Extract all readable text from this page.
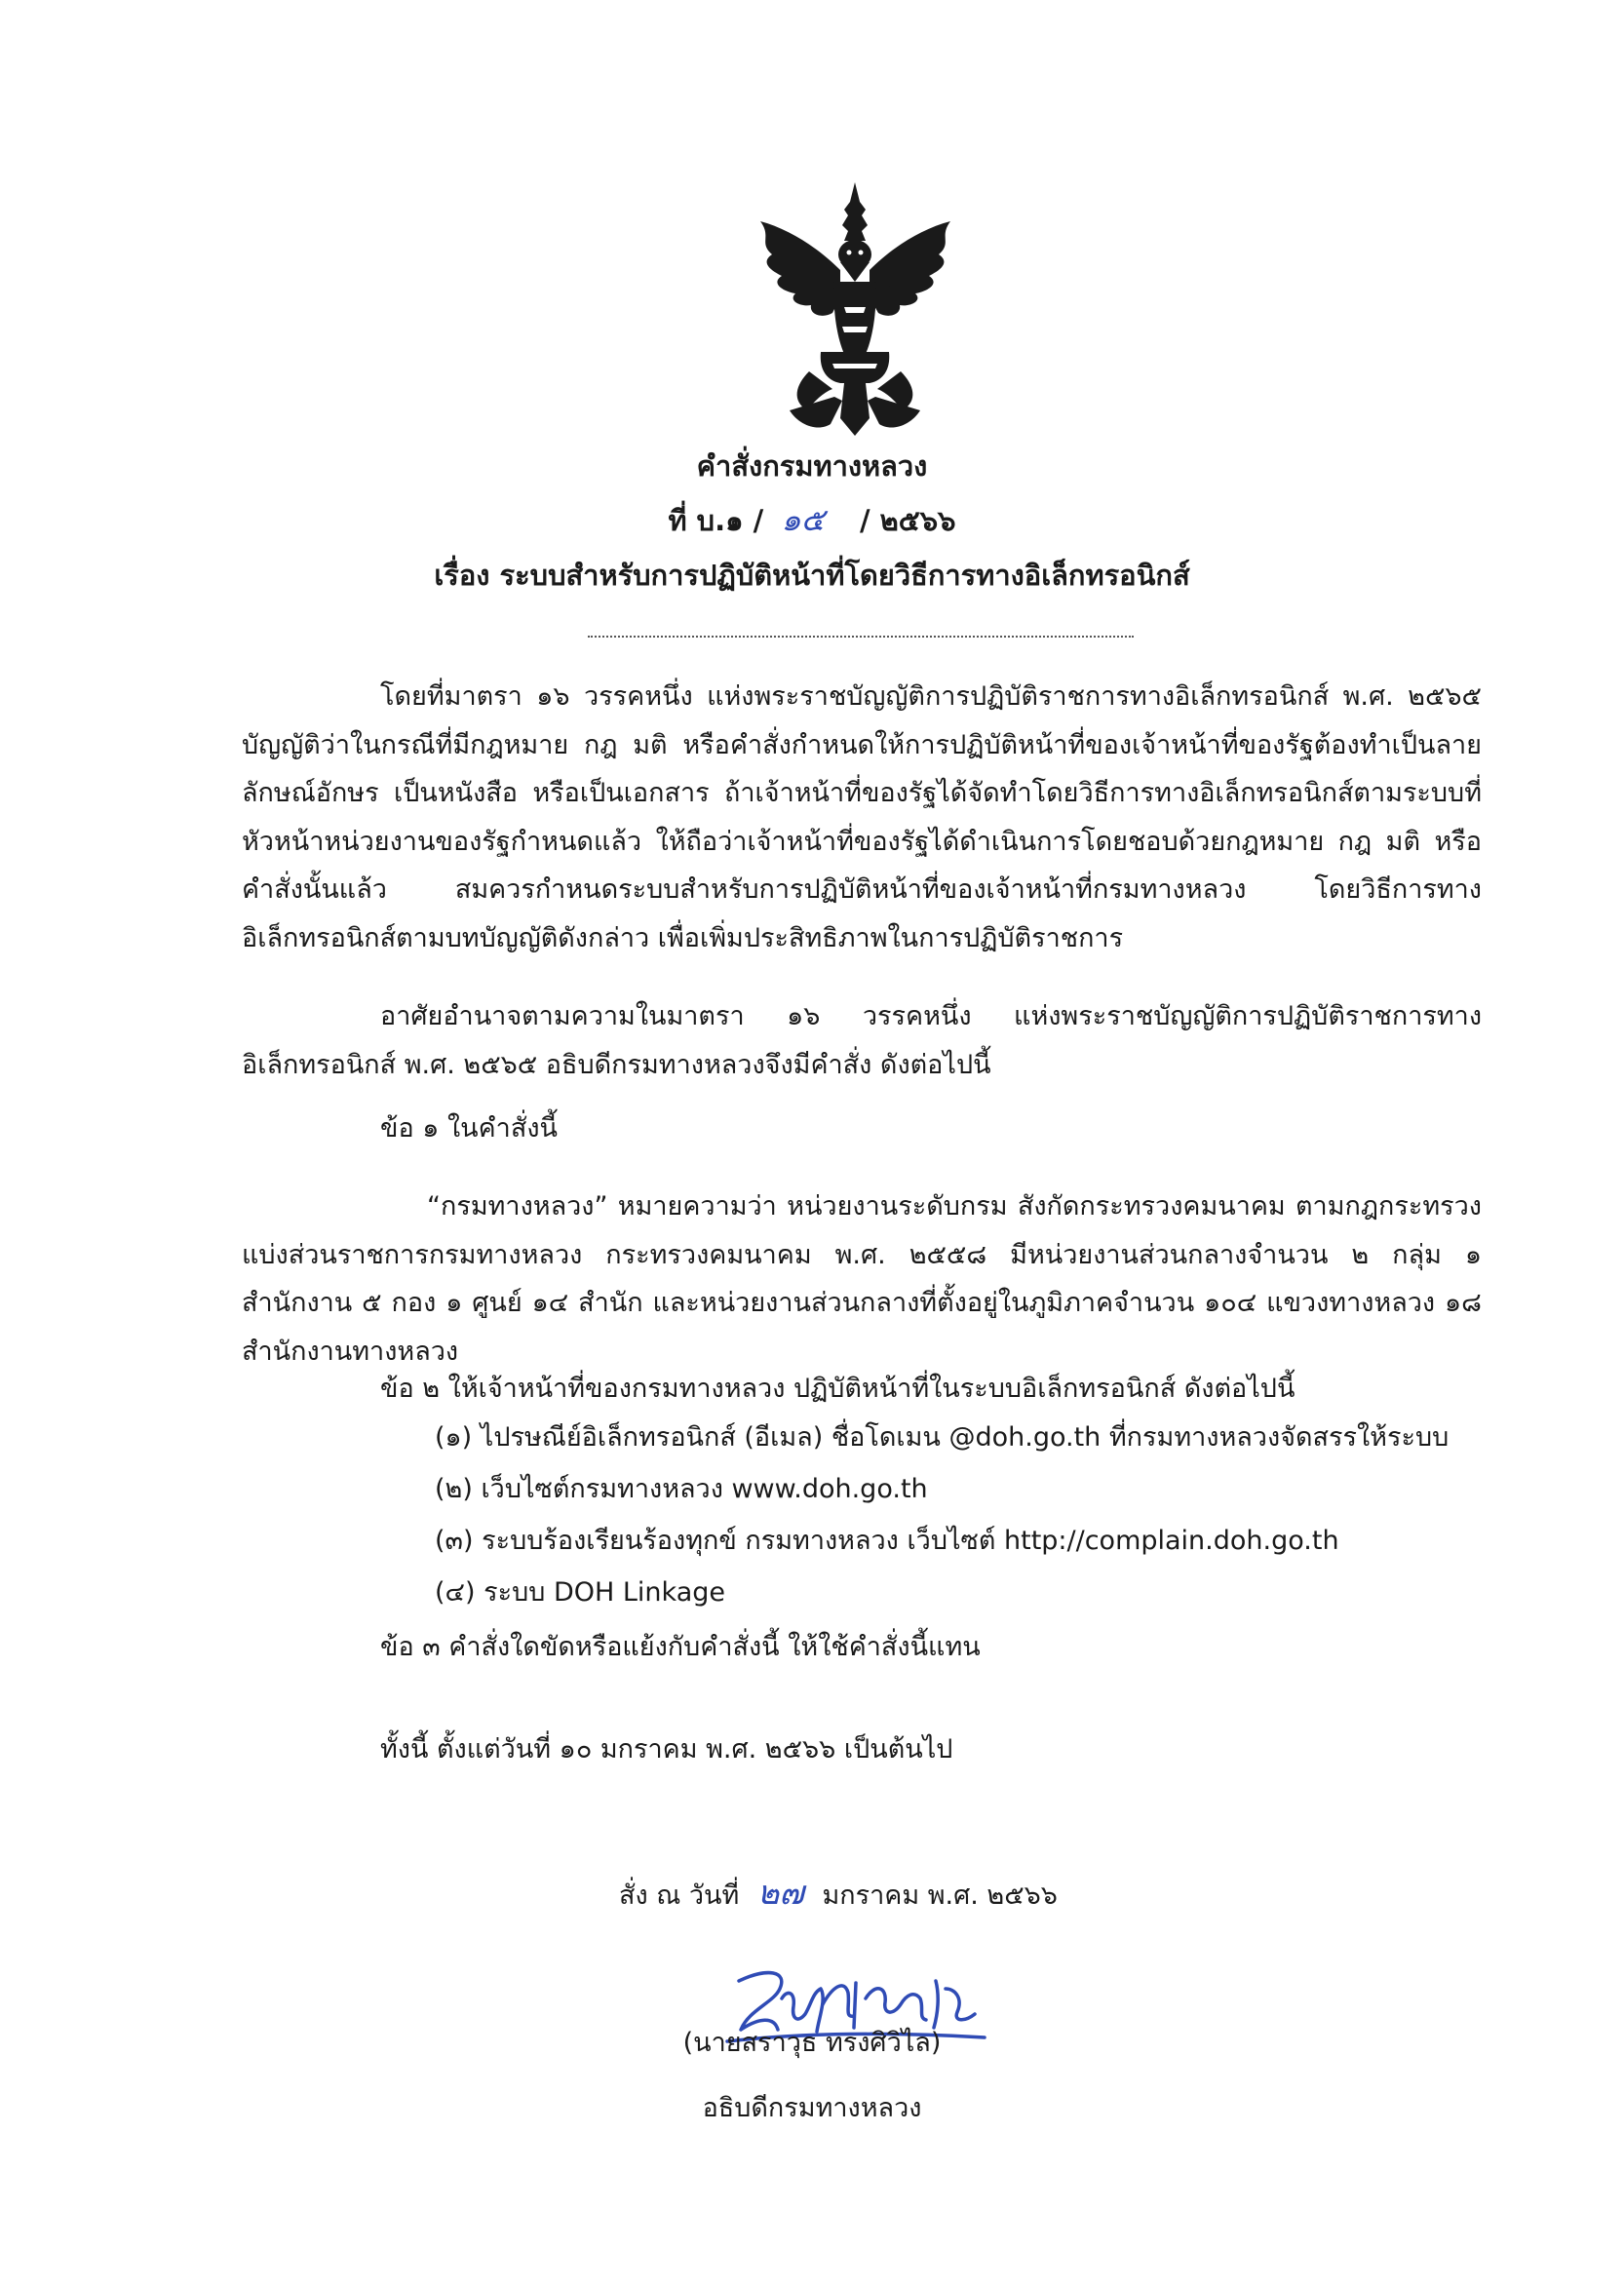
คำสั่งกรมทางหลวง
ที่ บ.๑ / ๑๕ / ๒๕๖๖
เรื่อง ระบบสำหรับการปฏิบัติหน้าที่โดยวิธีการทางอิเล็กทรอนิกส์
โดยที่มาตรา ๑๖ วรรคหนึ่ง แห่งพระราชบัญญัติการปฏิบัติราชการทางอิเล็กทรอนิกส์ พ.ศ. ๒๕๖๕ บัญญัติว่าในกรณีที่มีกฎหมาย กฎ มติ หรือคำสั่งกำหนดให้การปฏิบัติหน้าที่ของเจ้าหน้าที่ของรัฐต้องทำเป็นลายลักษณ์อักษร เป็นหนังสือ หรือเป็นเอกสาร ถ้าเจ้าหน้าที่ของรัฐได้จัดทำโดยวิธีการทางอิเล็กทรอนิกส์ตามระบบที่หัวหน้าหน่วยงานของรัฐกำหนดแล้ว ให้ถือว่าเจ้าหน้าที่ของรัฐได้ดำเนินการโดยชอบด้วยกฎหมาย กฎ มติ หรือคำสั่งนั้นแล้ว สมควรกำหนดระบบสำหรับการปฏิบัติหน้าที่ของเจ้าหน้าที่กรมทางหลวง โดยวิธีการทางอิเล็กทรอนิกส์ตามบทบัญญัติดังกล่าว เพื่อเพิ่มประสิทธิภาพในการปฏิบัติราชการ
อาศัยอำนาจตามความในมาตรา ๑๖ วรรคหนึ่ง แห่งพระราชบัญญัติการปฏิบัติราชการทางอิเล็กทรอนิกส์ พ.ศ. ๒๕๖๕ อธิบดีกรมทางหลวงจึงมีคำสั่ง ดังต่อไปนี้
ข้อ ๑ ในคำสั่งนี้
“กรมทางหลวง” หมายความว่า หน่วยงานระดับกรม สังกัดกระทรวงคมนาคม ตามกฎกระทรวงแบ่งส่วนราชการกรมทางหลวง กระทรวงคมนาคม พ.ศ. ๒๕๕๘ มีหน่วยงานส่วนกลางจำนวน ๒ กลุ่ม ๑ สำนักงาน ๕ กอง ๑ ศูนย์ ๑๔ สำนัก และหน่วยงานส่วนกลางที่ตั้งอยู่ในภูมิภาคจำนวน ๑๐๔ แขวงทางหลวง ๑๘ สำนักงานทางหลวง
ข้อ ๒ ให้เจ้าหน้าที่ของกรมทางหลวง ปฏิบัติหน้าที่ในระบบอิเล็กทรอนิกส์ ดังต่อไปนี้
(๑) ไปรษณีย์อิเล็กทรอนิกส์ (อีเมล) ชื่อโดเมน @doh.go.th ที่กรมทางหลวงจัดสรรให้ระบบ
(๒) เว็บไซต์กรมทางหลวง www.doh.go.th
(๓) ระบบร้องเรียนร้องทุกข์ กรมทางหลวง เว็บไซต์ http://complain.doh.go.th
(๔) ระบบ DOH Linkage
ข้อ ๓ คำสั่งใดขัดหรือแย้งกับคำสั่งนี้ ให้ใช้คำสั่งนี้แทน
ทั้งนี้ ตั้งแต่วันที่ ๑๐ มกราคม พ.ศ. ๒๕๖๖ เป็นต้นไป
สั่ง ณ วันที่ ๒๗ มกราคม พ.ศ. ๒๕๖๖
(นายสราวุธ ทรงศิวิไล)
อธิบดีกรมทางหลวง
